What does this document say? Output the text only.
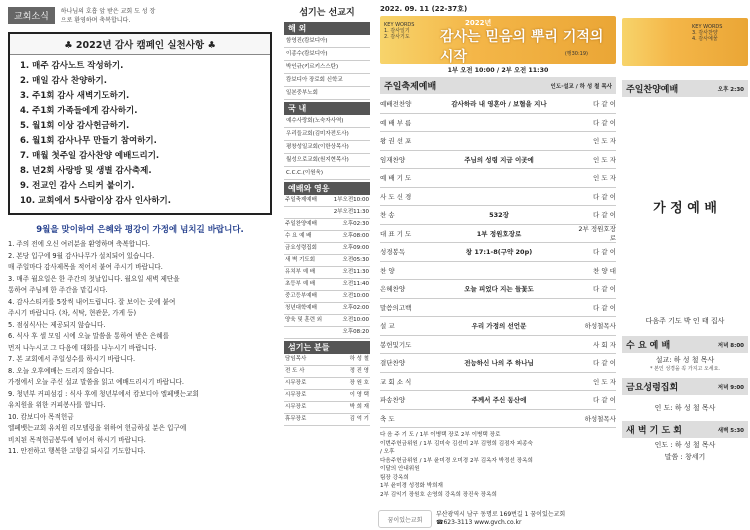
교회소식	하나님의 호흡 앞 받은 교회 도 성 장
으로 환영하며 축복합니다.
♣ 2022년 감사 캠페인 실천사항 ♣
1. 매주 감사노트 작성하기.
2. 매일 감사 찬양하기.
3. 주1회 감사 새벽기도하기.
4. 주1회 가족들에게 감사하기.
5. 월1회 이상 감사헌금하기.
6. 월1회 감사나무 만들기 참여하기.
7. 매월 첫주일 감사찬양 예배드리기.
8. 년2회 사랑방 및 생별 감사축제.
9. 전교인 감사 스티커 붙이기.
10. 교회에서 5사람이상 감사 인사하기.
9월을 맞이하여 은혜와 평강이 가정에 넘치길 바랍니다.
1. 주의 전에 오신 여러분을 환영하며 축복합니다.
2. 본당 입구에 9월 감사나무가 설치되어 있습니다.
매 주일마다 감사제목을 적어서 붙여 주시기 바랍니다.
3. 매주 월요일은 한 주간의 첫날입니다. 월요일 새벽 제단을
통하여 주님께 한 주간을 맡깁시다.
4. 감사스티커를 5장씩 내어드립니다. 잘 보이는 곳에 붙여
주시기 바랍니다. (차, 식탁, 현관문, 가게 등)
5. 점심식사는 제공되지 않습니다.
6. 식사 후 셀 모임 시에 오늘 말씀을 통하여 받은 은혜를
먼저 나누시고 그 다음에 대화를 나누시기 바랍니다.
7. 본 교회에서 주일성수를 하시기 바랍니다.
8. 오늘 오후예배는 드리지 않습니다.
가정에서 오늘 주신 설교 말씀을 읽고 예배드리시기 바랍니다.
9. 청년부 커피섬김 : 식사 후에 청년부에서 캄보디아 엘페뱃는교회
유치원을 위한 커피봉사를 합니다.
10. 캄보디아 목적헌금
엘페뱃는교회 유치원 리모델링을 위하여 헌금하실 분은 입구에
비치된 목적헌금봉투에 넣어서 하시기 바랍니다.
11. 안전하고 행복한 고향길 되시길 기도합니다.
섬기는 선교지
해 외
함영진(캄보디아)
이종수(캄보디아)
박인규(키르키스스탄)
캄보디아 장로회 신학교
일본중부노회
국 내
예수사랑회(노숙자사역)
우리들교회(김미자전도사)
평창성일교회(이한상목사)
월성으로교회(원지현목사)
C.C.C.(이원욱)
예배와 영응
주일축제예배	1부오전10:00
	2부오전11:30
주일찬양예배	오후02:30
수 요 예 배	오후08:00
금요성령집회	오후09:00
새 벽 기도회	오전05:30
유치부 예 배	오전11:30
초등부 예 배	오전11:40
중고등부예배	오전10:00
청년대학예배	오후02:00
양육 및 훈련 외	오전10:00
	오후08:20
섬기는 분들
담임목사	하 성 철
전 도 사	정 진 영
시무장로	장 원 호
시무장로	이 영 택
시무장로	박 희 재
휴무장로	김 억 기
2022. 09. 11 (22-37호)
KEY WORDS
1. 감사일기
2. 감사기도
2022년
감사는 믿음의 뿌리 기적의 시작	(행30:19)
1부 오전 10:00 / 2부 오전 11:30
주일축제예배	인도·설교 / 하 성 철 목사
예배전찬양	감사하라 내 영혼아 / 보혈을 지나	다 같 이
예 배 부 름	다 같 이
왕 권 선 포	인 도 자
임재찬양	주님의 성령 지금 이곳에	인 도 자
예 배 기 도	인 도 자
사 도 신 경	다 같 이
찬 송	532장	다 같 이
대 표 기 도	1부 정원호장로
2부 정원호장로
성경봉독	창 17:1-8(구약 20p)	다 같 이
찬 양	찬 양 대
은혜찬양	오늘 피었다 지는 들꽃도	다 같 이
말씀의고백	다 같 이
설 교	우리 가정의 선언문	하성철목사
봉헌및기도	사 회 자
결단찬양	전능하신 나의 주 하나님	다 같 이
교 회 소 식	인 도 자
파송찬양	주께서 주신 동산에	다 같 이
축 도	하성철목사
다 음 주 기 도 / 1부 이병택 장로 2부 이병택 장로
이번주헌금위원 / 1부 김미숙 김선미 2부 김명희 김점자 피종숙
/ 오후
다음주헌금위원 / 1부 윤미경 오미경 2부 김옥자 박정선 장옥희
이달의 안내위원
팀장 강옥희
1부 윤미경 성정화 박희재
2부 김익기 장원호 손영희 강옥희 장진욱 장옥희
꿈이있는교회
부산광역시 남구 동명로 169번길 1 꿈이있는교회
☎623-3113 www.gvch.co.kr
KEY WORDS
3. 감사찬양
4. 감사예물
주일찬양예배	오후 2:30
가 정 예 배
다음주 기도 박 인 태 집사
수 요 예 배	저녁 8:00
설교: 하 성 철 목사
* 본인 성경을 꼭 가지고 오세요.
금요성령집회	저녁 9:00
인 도: 하 성 철 목사
새 벽 기 도 회	새벽 5:30
인도 : 하 성 철 목사
말씀 : 창세기
